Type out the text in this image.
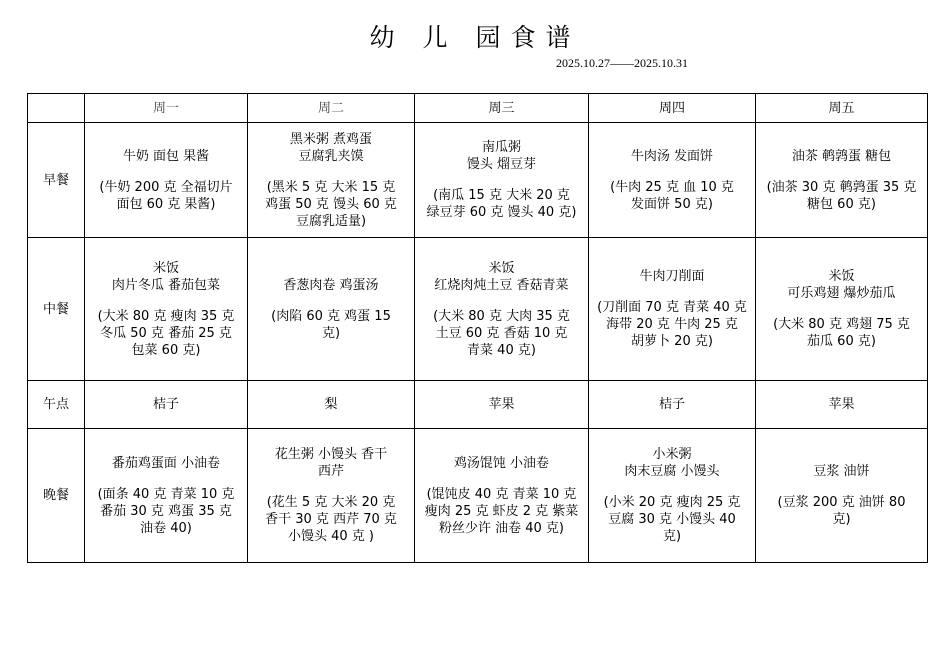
幼 儿 园食谱
2025.10.27——2025.10.31
	周一	周二	周三	周四	周五
早餐	牛奶 面包 果酱
(牛奶 200 克 全福切片
面包 60 克 果酱)	黑米粥 煮鸡蛋
豆腐乳夹馍
(黑米 5 克 大米 15 克
鸡蛋 50 克 馒头 60 克
豆腐乳适量)	南瓜粥
馒头 熘豆芽
(南瓜 15 克 大米 20 克
绿豆芽 60 克 馒头 40 克)	牛肉汤 发面饼
(牛肉 25 克 血 10 克
发面饼 50 克)	油茶 鹌鹑蛋 糖包
(油茶 30 克 鹌鹑蛋 35 克
糖包 60 克)

中餐	米饭
肉片冬瓜 番茄包菜
(大米 80 克 瘦肉 35 克
冬瓜 50 克 番茄 25 克
包菜 60 克)	香葱肉卷 鸡蛋汤
(肉陷 60 克 鸡蛋 15
克)	米饭
红烧肉炖土豆 香菇青菜
(大米 80 克 大肉 35 克
土豆 60 克 香菇 10 克
青菜 40 克)	牛肉刀削面
(刀削面 70 克 青菜 40 克
海带 20 克 牛肉 25 克
胡萝卜 20 克)	米饭
可乐鸡翅 爆炒茄瓜
(大米 80 克 鸡翅 75 克
茄瓜 60 克)

午点	桔子	梨	苹果	桔子	苹果

晚餐	番茄鸡蛋面 小油卷
(面条 40 克 青菜 10 克
番茄 30 克 鸡蛋 35 克
油卷 40)	花生粥 小馒头 香干
西芹
(花生 5 克 大米 20 克
香干 30 克 西芹 70 克
小馒头 40 克 )	鸡汤馄饨 小油卷
(馄饨皮 40 克 青菜 10 克
瘦肉 25 克 虾皮 2 克 紫菜
粉丝少许 油卷 40 克)	小米粥
肉末豆腐 小馒头
(小米 20 克 瘦肉 25 克
豆腐 30 克 小馒头 40
克)	豆浆 油饼
(豆浆 200 克 油饼 80
克)
